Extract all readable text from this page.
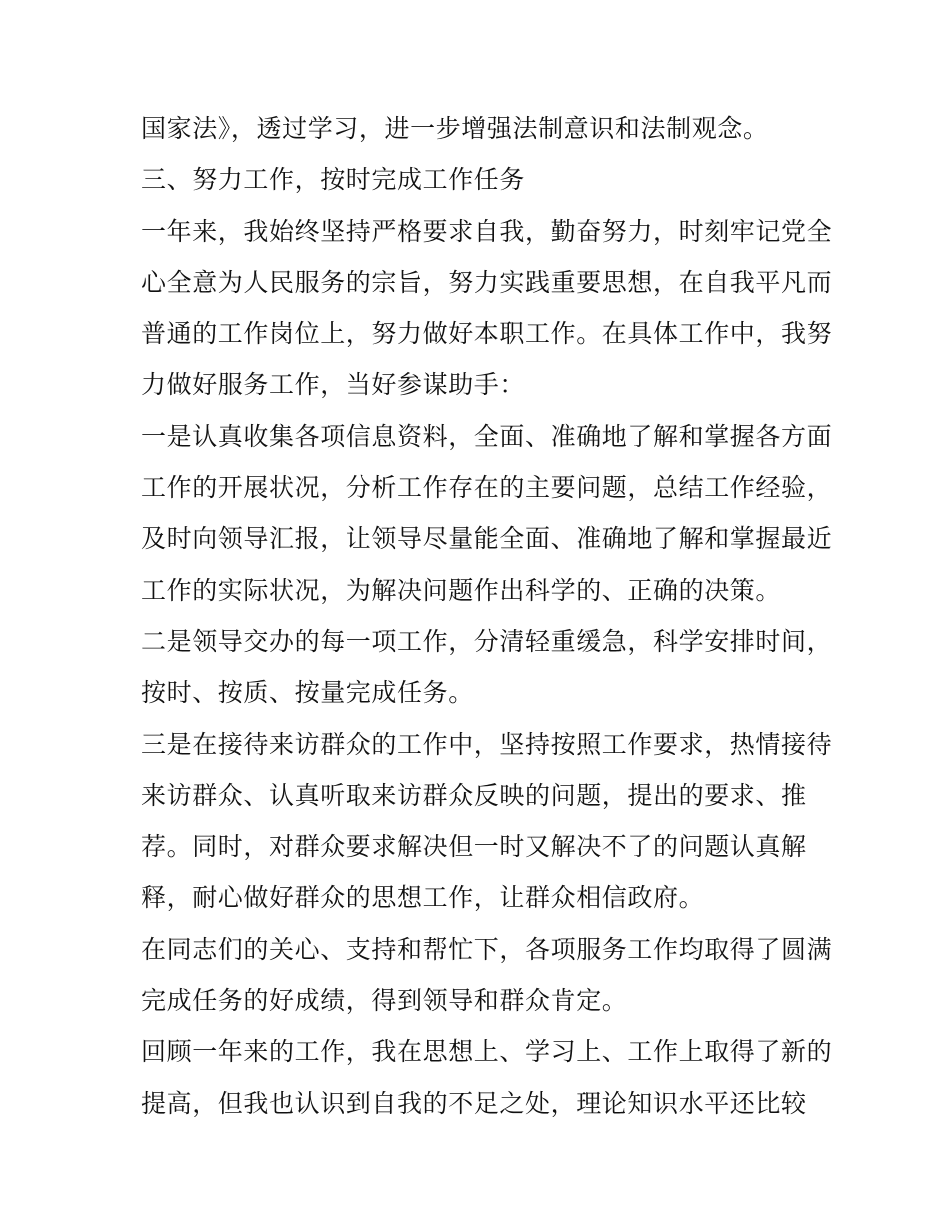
国家法》，透过学习，进一步增强法制意识和法制观念。
三、努力工作，按时完成工作任务
一年来，我始终坚持严格要求自我，勤奋努力，时刻牢记党全
心全意为人民服务的宗旨，努力实践重要思想，在自我平凡而
普通的工作岗位上，努力做好本职工作。在具体工作中，我努
力做好服务工作，当好参谋助手：
一是认真收集各项信息资料，全面、准确地了解和掌握各方面
工作的开展状况，分析工作存在的主要问题，总结工作经验，
及时向领导汇报，让领导尽量能全面、准确地了解和掌握最近
工作的实际状况，为解决问题作出科学的、正确的决策。
二是领导交办的每一项工作，分清轻重缓急，科学安排时间，
按时、按质、按量完成任务。
三是在接待来访群众的工作中，坚持按照工作要求，热情接待
来访群众、认真听取来访群众反映的问题，提出的要求、推
荐。同时，对群众要求解决但一时又解决不了的问题认真解
释，耐心做好群众的思想工作，让群众相信政府。
在同志们的关心、支持和帮忙下，各项服务工作均取得了圆满
完成任务的好成绩，得到领导和群众肯定。
回顾一年来的工作，我在思想上、学习上、工作上取得了新的
提高，但我也认识到自我的不足之处，理论知识水平还比较
